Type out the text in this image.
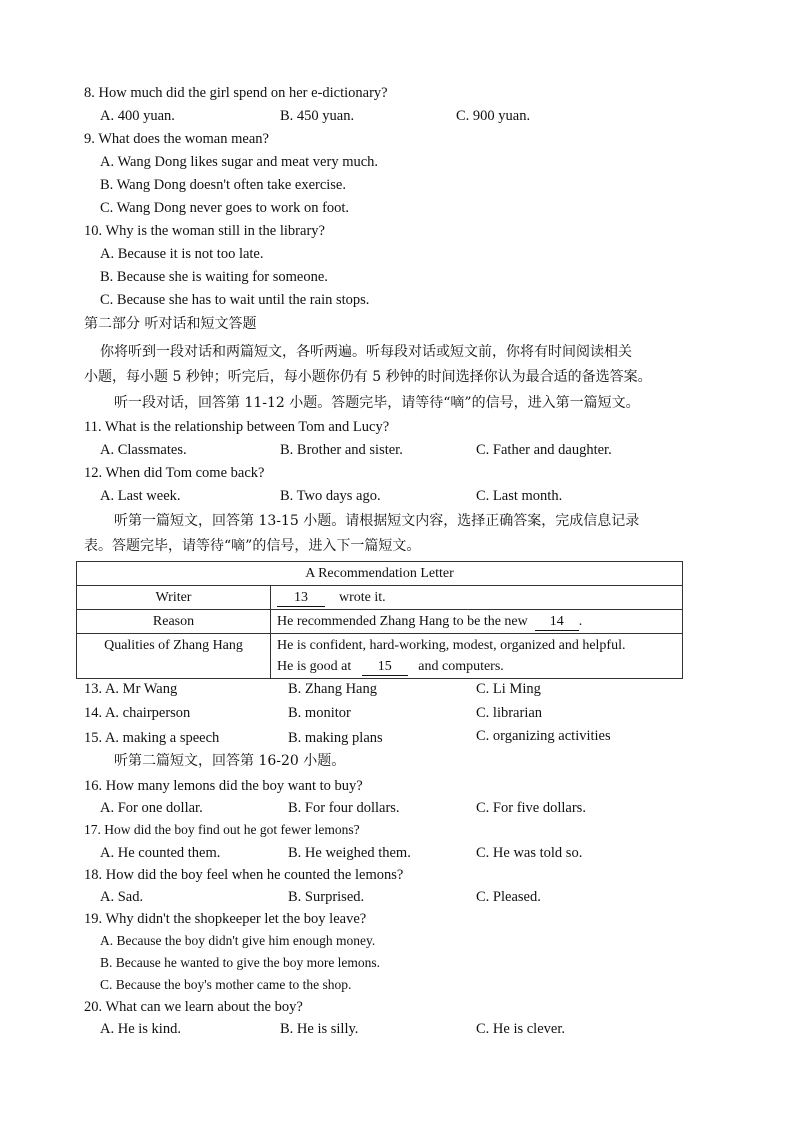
8. How much did the girl spend on her e-dictionary?
A. 400 yuan.	B. 450 yuan.	C. 900 yuan.
9. What does the woman mean?
A. Wang Dong likes sugar and meat very much.
B. Wang Dong doesn't often take exercise.
C. Wang Dong never goes to work on foot.
10. Why is the woman still in the library?
A. Because it is not too late.
B. Because she is waiting for someone.
C. Because she has to wait until the rain stops.
第二部分 听对话和短文答题
你将听到一段对话和两篇短文，各听两遍。听每段对话或短文前，你将有时间阅读相关
小题，每小题 5 秒钟；听完后，每小题你仍有 5 秒钟的时间选择你认为最合适的备选答案。
听一段对话，回答第 11-12 小题。答题完毕，请等待“嘀”的信号，进入第一篇短文。
11. What is the relationship between Tom and Lucy?
A. Classmates.	B. Brother and sister.	C. Father and daughter.
12. When did Tom come back?
A. Last week.	B. Two days ago.	C. Last month.
听第一篇短文，回答第 13-15 小题。请根据短文内容，选择正确答案，完成信息记录
表。答题完毕，请等待“嘀”的信号，进入下一篇短文。
A Recommendation Letter	
Writer	13 wrote it.
Reason	He recommended Zhang Hang to be the new 14 .
Qualities of Zhang Hang	He is confident, hard-working, modest, organized and helpful.
He is good at 15 and computers.
13. A. Mr Wang	B. Zhang Hang	C. Li Ming
14. A. chairperson	B. monitor	C. librarian
15. A. making a speech	B. making plans	C. organizing activities
听第二篇短文，回答第 16-20 小题。
16. How many lemons did the boy want to buy?
A. For one dollar.	B. For four dollars.	C. For five dollars.
17. How did the boy find out he got fewer lemons?
A. He counted them.	B. He weighed them.	C. He was told so.
18. How did the boy feel when he counted the lemons?
A. Sad.	B. Surprised.	C. Pleased.
19. Why didn't the shopkeeper let the boy leave?
A. Because the boy didn't give him enough money.
B. Because he wanted to give the boy more lemons.
C. Because the boy's mother came to the shop.
20. What can we learn about the boy?
A. He is kind.	B. He is silly.	C. He is clever.
